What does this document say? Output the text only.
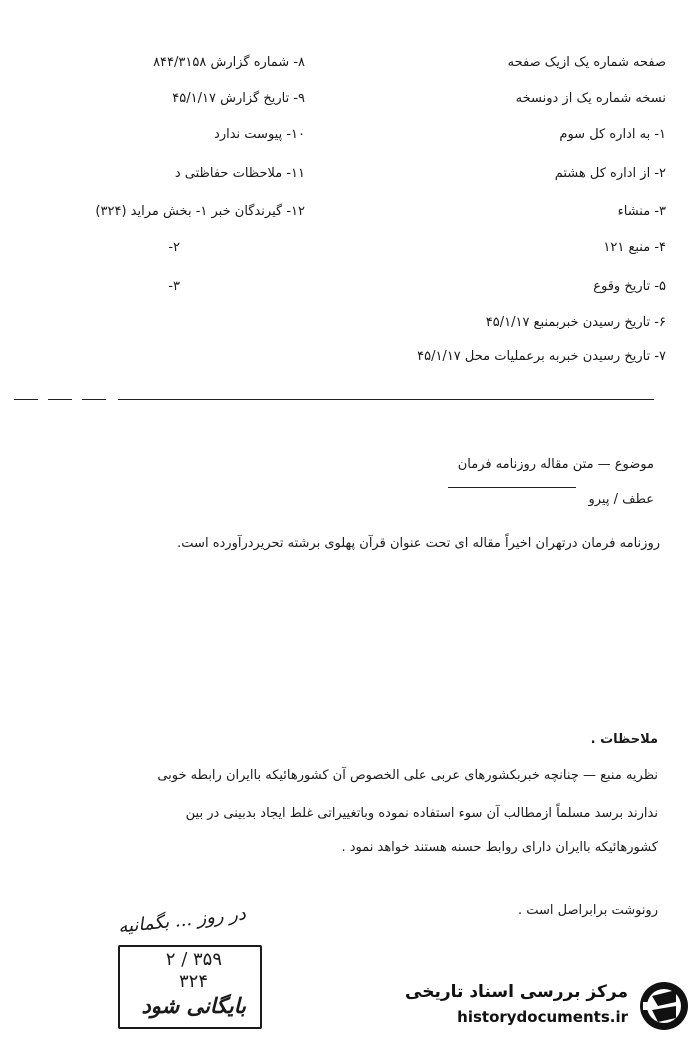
صفحه شماره یک ازیک صفحه
نسخه شماره یک از دونسخه
۱- به اداره کل سوم
۲- از اداره کل هشتم
۳- منشاء
۴- منبع ۱۲۱
۵- تاریخ وقوع
۶- تاریخ رسیدن خبربمنبع ۴۵/۱/۱۷
۷- تاریخ رسیدن خبربه برعملیات محل ۴۵/۱/۱۷
۸- شماره گزارش ۸۴۴/۳۱۵۸
۹- تاریخ گزارش ۴۵/۱/۱۷
۱۰- پیوست ندارد
۱۱- ملاحظات حفاظتی د
۱۲- گیرندگان خبر ۱- بخش مراید (۳۲۴)
۲-
۳-
موضوع — متن مقاله روزنامه فرمان
عطف / پیرو
روزنامه فرمان درتهران اخیراً مقاله ای تحت عنوان قرآن پهلوی برشته تحریردرآورده است.
ملاحظات .
نظریه منبع — چنانچه خبربکشورهای عربی علی الخصوص آن کشورهائیکه باایران رابطه خوبی
ندارند برسد مسلماً ازمطالب آن سوء استفاده نموده وباتغییراتی غلط ایجاد بدبینی در بین
کشورهائیکه باایران دارای روابط حسنه هستند خواهد نمود .
رونوشت برابراصل است .
در روز ... بگمانیه
۳۵۹ / ۲
۳۲۴
بایگانی شود
مرکز بررسی اسناد تاریخی
historydocuments.ir
